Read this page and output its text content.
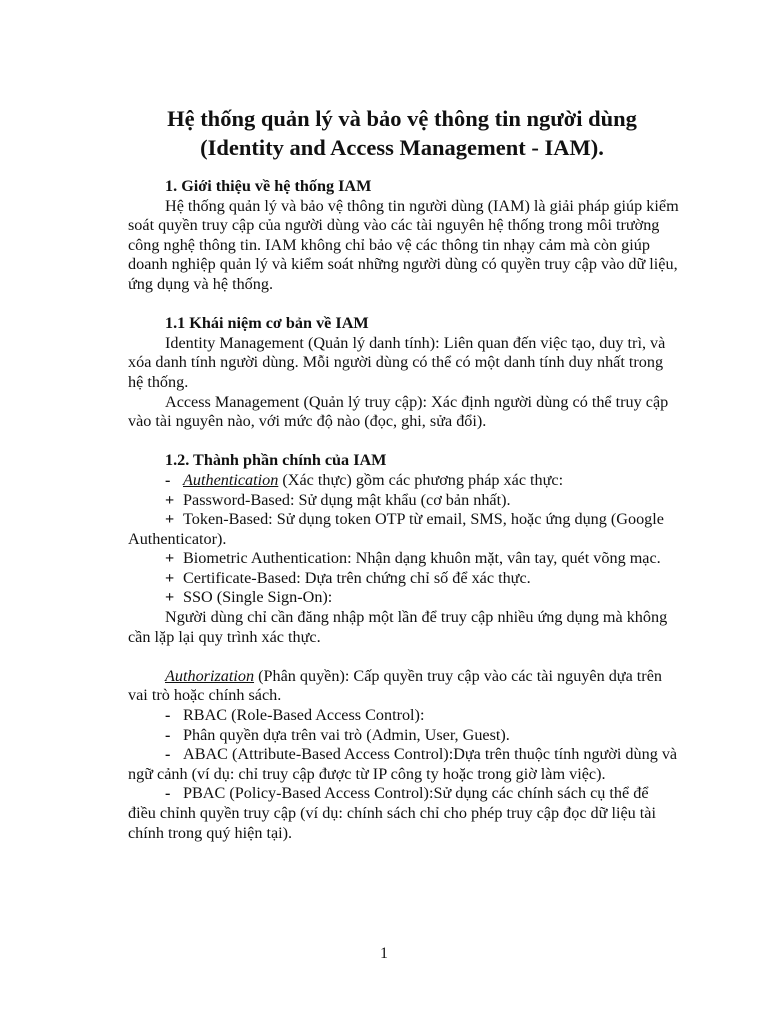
Hệ thống quản lý và bảo vệ thông tin người dùng (Identity and Access Management - IAM).

1. Giới thiệu về hệ thống IAM

Hệ thống quản lý và bảo vệ thông tin người dùng (IAM) là giải pháp giúp kiểm soát quyền truy cập của người dùng vào các tài nguyên hệ thống trong môi trường công nghệ thông tin. IAM không chỉ bảo vệ các thông tin nhạy cảm mà còn giúp doanh nghiệp quản lý và kiểm soát những người dùng có quyền truy cập vào dữ liệu, ứng dụng và hệ thống.

1.1 Khái niệm cơ bản về IAM

Identity Management (Quản lý danh tính): Liên quan đến việc tạo, duy trì, và xóa danh tính người dùng. Mỗi người dùng có thể có một danh tính duy nhất trong hệ thống.

Access Management (Quản lý truy cập): Xác định người dùng có thể truy cập vào tài nguyên nào, với mức độ nào (đọc, ghi, sửa đổi).

1.2. Thành phần chính của IAM

- Authentication (Xác thực) gồm các phương pháp xác thực:

+ Password-Based: Sử dụng mật khẩu (cơ bản nhất).

+ Token-Based: Sử dụng token OTP từ email, SMS, hoặc ứng dụng (Google Authenticator).

+ Biometric Authentication: Nhận dạng khuôn mặt, vân tay, quét võng mạc.

+ Certificate-Based: Dựa trên chứng chỉ số để xác thực.

+ SSO (Single Sign-On):

Người dùng chỉ cần đăng nhập một lần để truy cập nhiều ứng dụng mà không cần lặp lại quy trình xác thực.

Authorization (Phân quyền): Cấp quyền truy cập vào các tài nguyên dựa trên vai trò hoặc chính sách.

- RBAC (Role-Based Access Control):

- Phân quyền dựa trên vai trò (Admin, User, Guest).

- ABAC (Attribute-Based Access Control):Dựa trên thuộc tính người dùng và ngữ cảnh (ví dụ: chỉ truy cập được từ IP công ty hoặc trong giờ làm việc).

- PBAC (Policy-Based Access Control):Sử dụng các chính sách cụ thể để điều chỉnh quyền truy cập (ví dụ: chính sách chỉ cho phép truy cập đọc dữ liệu tài chính trong quý hiện tại).

1
